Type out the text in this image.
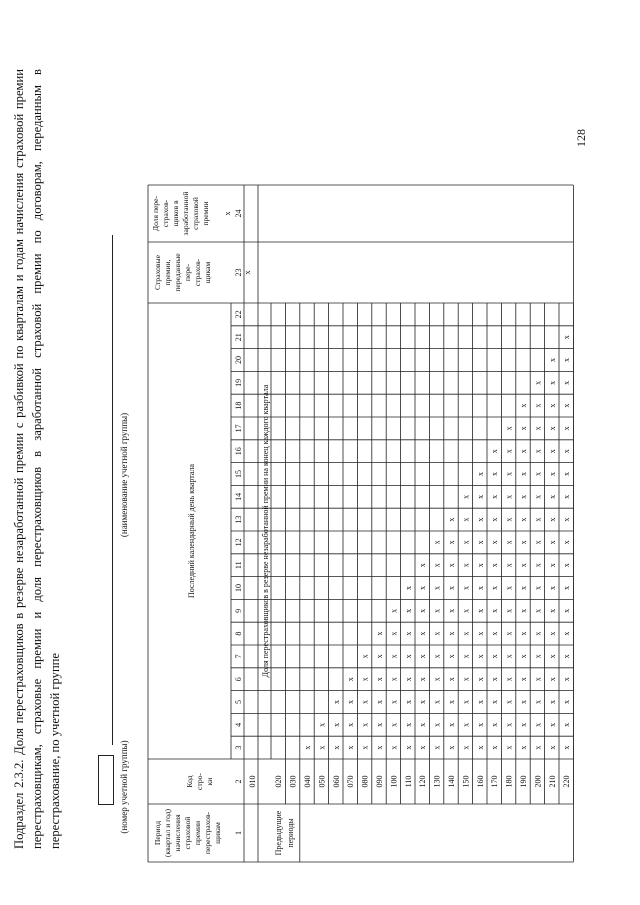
128
Подраздел 2.3.2. Доля перестраховщиков в резерве незаработанной премии с разбивкой по кварталам и годам начисления страховой премии перестраховщикам, страховые премии и доля перестраховщиков в заработанной страховой премии по договорам, переданным в перестрахование, по учетной группе	(номер учетной группы)
(наименование учетной группы)
Период (квартал и год) начисления страховой премии перестрахов- щикам
Код стро- ки
Последний календарный день квартала
Страховые премии, переданные пере- страхов- щикам
Доля пере- страхов- щиков в заработанной страховой премии
1
2
3
4
5
6
7
8
9
10
11
12
13
14
15
16
17
18
19
20
21
22
23
24
010
Доля перестраховщиков в резерве незаработанной премии на конец каждого квартала
Предыдущие периоды
x
x
020 030 040
x
050
x
x
060
x
x
x
070
x
x
x
x
080
x
x
x
x
x
090
x
x
x
x
x
x
100
x
x
x
x
x
x
x
110
x
x
x
x
x
x
x
x
120
x
x
x
x
x
x
x
x
x
130
x
x
x
x
x
x
x
x
x
x
140
x
x
x
x
x
x
x
x
x
x
x
150
x
x
x
x
x
x
x
x
x
x
x
x
160
x
x
x
x
x
x
x
x
x
x
x
x
x
170
x
x
x
x
x
x
x
x
x
x
x
x
x
x
180
x
x
x
x
x
x
x
x
x
x
x
x
x
x
x
190
x
x
x
x
x
x
x
x
x
x
x
x
x
x
x
x
200
x
x
x
x
x
x
x
x
x
x
x
x
x
x
x
x
x
210
x
x
x
x
x
x
x
x
x
x
x
x
x
x
x
x
x
x
220
x
x
x
x
x
x
x
x
x
x
x
x
x
x
x
x
x
x
x
